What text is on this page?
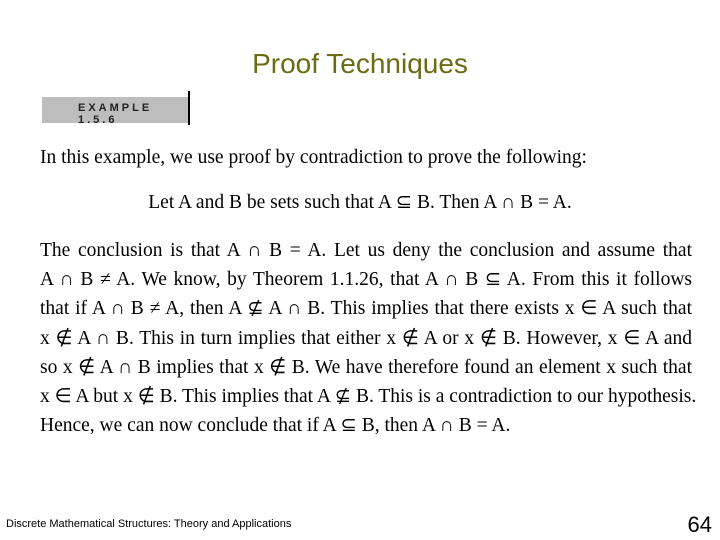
Proof Techniques
EXAMPLE 1.5.6
In this example, we use proof by contradiction to prove the following:
Let A and B be sets such that A ⊆ B. Then A ∩ B = A.
The conclusion is that A ∩ B = A. Let us deny the conclusion and assume that
A ∩ B ≠ A. We know, by Theorem 1.1.26, that A ∩ B ⊆ A. From this it follows
that if A ∩ B ≠ A, then A ⊈ A ∩ B. This implies that there exists x ∈ A such that
x ∉ A ∩ B. This in turn implies that either x ∉ A or x ∉ B. However, x ∈ A and
so x ∉ A ∩ B implies that x ∉ B. We have therefore found an element x such that
x ∈ A but x ∉ B. This implies that A ⊈ B. This is a contradiction to our hypothesis.
Hence, we can now conclude that if A ⊆ B, then A ∩ B = A.
Discrete Mathematical Structures: Theory and Applications	64
